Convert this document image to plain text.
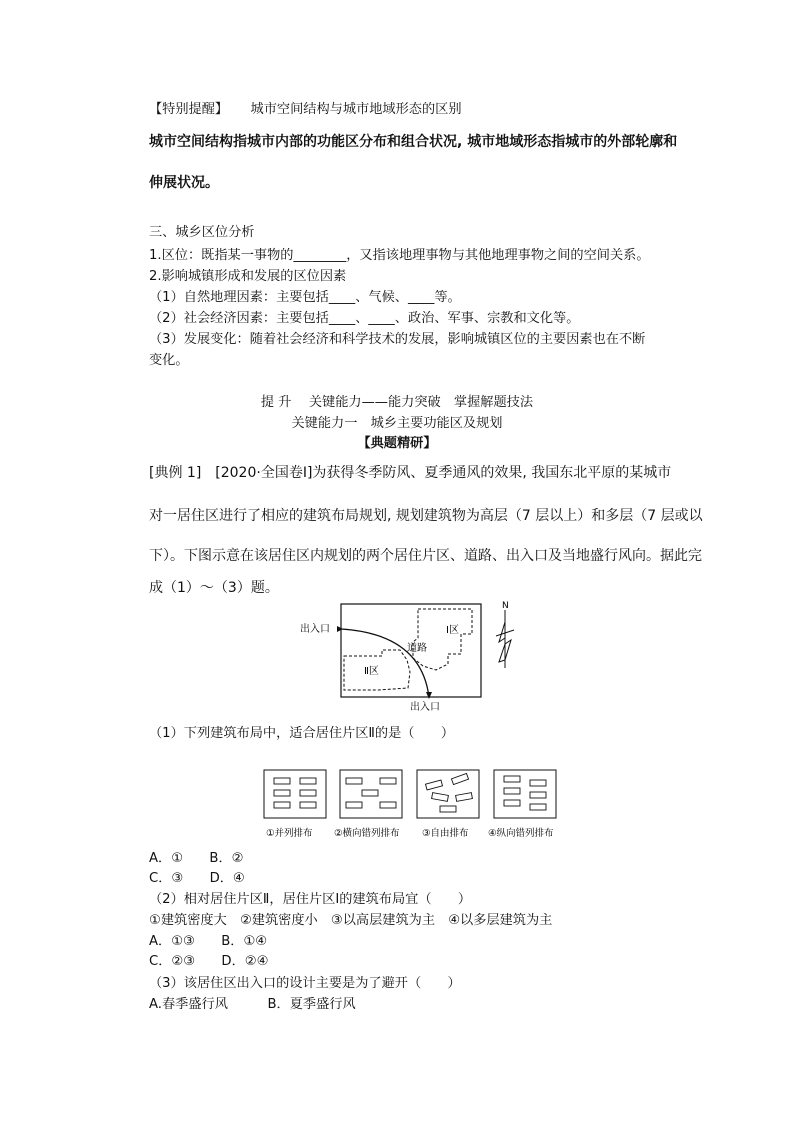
【特别提醒】 城市空间结构与城市地域形态的区别
城市空间结构指城市内部的功能区分布和组合状况, 城市地域形态指城市的外部轮廓和
伸展状况。
三、城乡区位分析
1.区位：既指某一事物的________，又指该地理事物与其他地理事物之间的空间关系。
2.影响城镇形成和发展的区位因素
（1）自然地理因素：主要包括____、气候、____等。
（2）社会经济因素：主要包括____、____、政治、军事、宗教和文化等。
（3）发展变化：随着社会经济和科学技术的发展，影响城镇区位的主要因素也在不断
变化。
提 升　 关键能力——能力突破　掌握解题技法
关键能力一　城乡主要功能区及规划
【典题精研】
[典例 1]　[2020·全国卷Ⅰ]为获得冬季防风、夏季通风的效果, 我国东北平原的某城市
对一居住区进行了相应的建筑布局规划, 规划建筑物为高层（7 层以上）和多层（7 层或以
下）。下图示意在该居住区内规划的两个居住片区、道路、出入口及当地盛行风向。据此完
成（1）～（3）题。
出入口
出入口
道路
Ⅰ区
Ⅱ区
N
（1）下列建筑布局中，适合居住片区Ⅱ的是（　　）
①并列排布 ②横向错列排布 ③自由排布 ④纵向错列排布
A．①　　B．②
C．③　　D．④
（2）相对居住片区Ⅱ，居住片区Ⅰ的建筑布局宜（　　）
①建筑密度大　②建筑密度小　③以高层建筑为主　④以多层建筑为主
A．①③　　B．①④
C．②③　　D．②④
（3）该居住区出入口的设计主要是为了避开（　　）
A.春季盛行风　　　B．夏季盛行风
